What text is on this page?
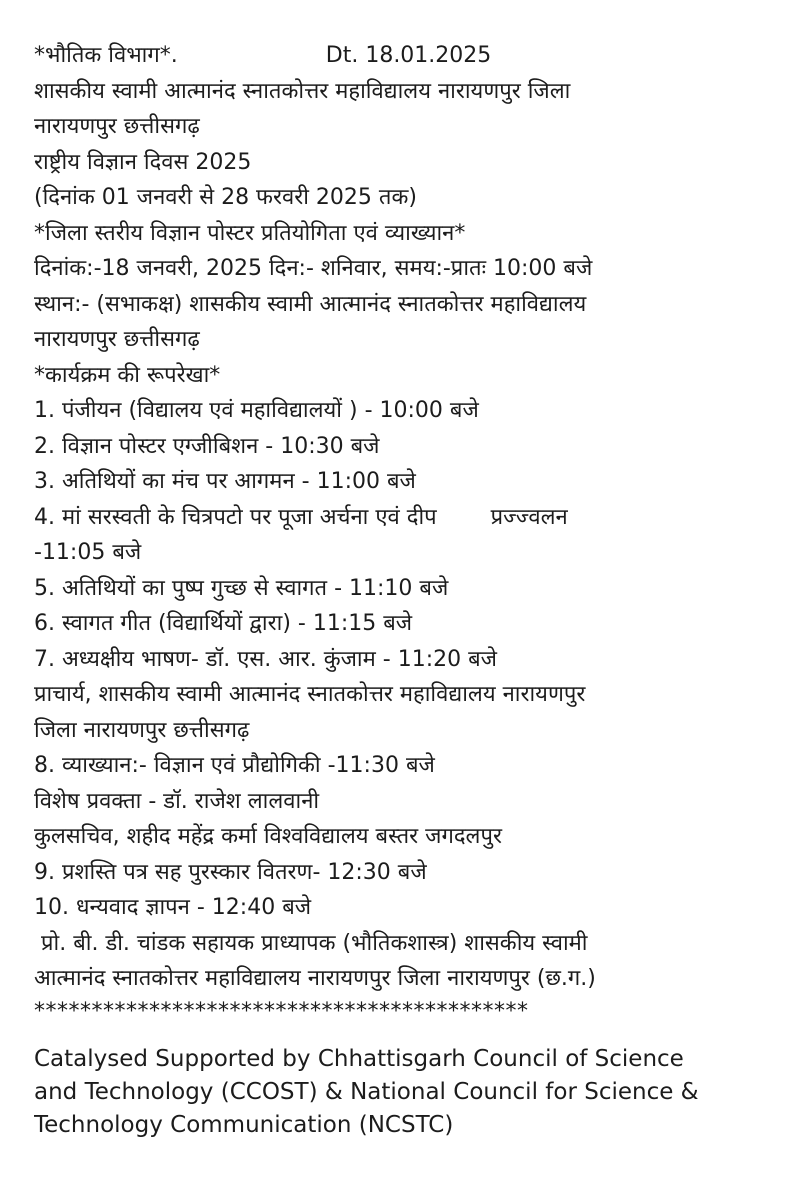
*भौतिक विभाग*.	Dt. 18.01.2025
शासकीय स्वामी आत्मानंद स्नातकोत्तर महाविद्यालय नारायणपुर जिला
नारायणपुर छत्तीसगढ़
राष्ट्रीय विज्ञान दिवस 2025
(दिनांक 01 जनवरी से 28 फरवरी 2025 तक)
*जिला स्तरीय विज्ञान पोस्टर प्रतियोगिता एवं व्याख्यान*
दिनांक:-18 जनवरी, 2025 दिन:- शनिवार, समय:-प्रातः 10:00 बजे
स्थान:- (सभाकक्ष) शासकीय स्वामी आत्मानंद स्नातकोत्तर महाविद्यालय
नारायणपुर छत्तीसगढ़
*कार्यक्रम की रूपरेखा*
1. पंजीयन (विद्यालय एवं महाविद्यालयों ) - 10:00 बजे
2. विज्ञान पोस्टर एग्जीबिशन - 10:30 बजे
3. अतिथियों का मंच पर आगमन - 11:00 बजे
4. मां सरस्वती के चित्रपटो पर पूजा अर्चना एवं दीप प्रज्ज्वलन
-11:05 बजे
5. अतिथियों का पुष्प गुच्छ से स्वागत - 11:10 बजे
6. स्वागत गीत (विद्यार्थियों द्वारा) - 11:15 बजे
7. अध्यक्षीय भाषण- डॉ. एस. आर. कुंजाम - 11:20 बजे
प्राचार्य, शासकीय स्वामी आत्मानंद स्नातकोत्तर महाविद्यालय नारायणपुर
जिला नारायणपुर छत्तीसगढ़
8. व्याख्यान:- विज्ञान एवं प्रौद्योगिकी -11:30 बजे
विशेष प्रवक्ता - डॉ. राजेश लालवानी
कुलसचिव, शहीद महेंद्र कर्मा विश्वविद्यालय बस्तर जगदलपुर
9. प्रशस्ति पत्र सह पुरस्कार वितरण- 12:30 बजे
10. धन्यवाद ज्ञापन - 12:40 बजे
प्रो. बी. डी. चांडक सहायक प्राध्यापक (भौतिकशास्त्र) शासकीय स्वामी
आत्मानंद स्नातकोत्तर महाविद्यालय नारायणपुर जिला नारायणपुर (छ.ग.)
*******************************************
Catalysed Supported by Chhattisgarh Council of Science
and Technology (CCOST) & National Council for Science &
Technology Communication (NCSTC)
